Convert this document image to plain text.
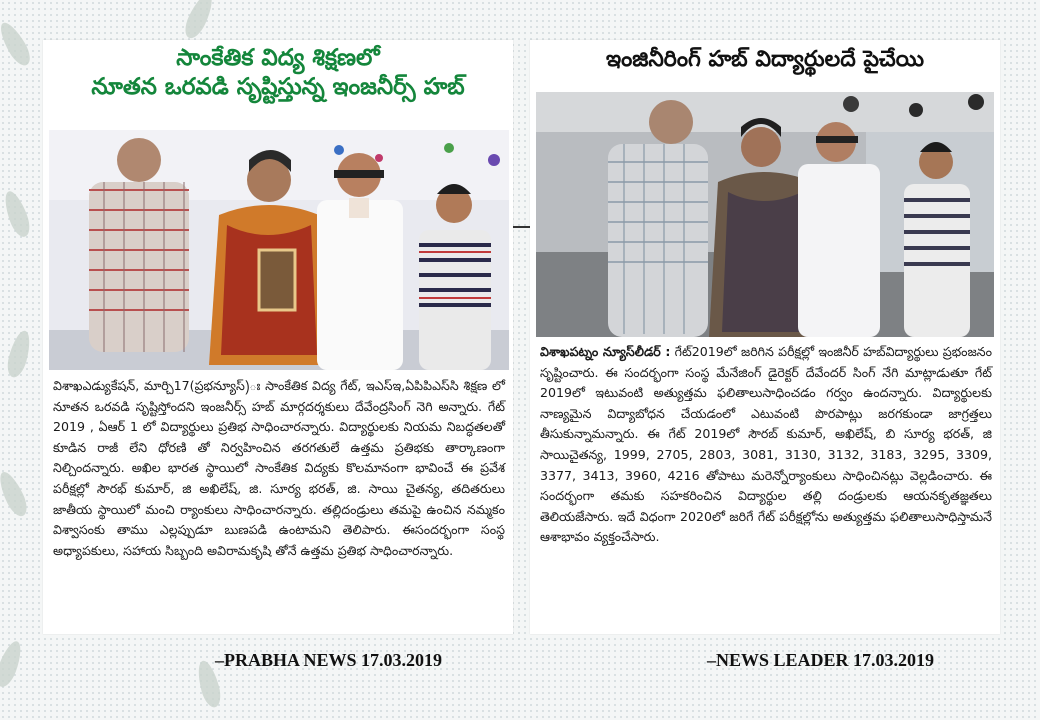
సాంకేతిక విద్య శిక్షణలో
నూతన ఒరవడి సృష్టిస్తున్న ఇంజనీర్స్ హబ్
విశాఖఎడ్యుకేషన్, మార్చి17(ప్రభన్యూస్)ః సాంకేతిక విద్య గేట్, ఇఎస్ఇ,ఏపిపిఎస్‌సి శిక్షణ లో నూతన ఒరవడి సృష్టిస్తోందని ఇంజనీర్స్ హబ్ మార్గదర్శకులు దేవేంద్రసింగ్ నెగి అన్నారు. గేట్ 2019 , ఏఆర్ 1 లో విద్యార్థులు ప్రతిభ సాధించారన్నారు. విద్యార్థులకు నియమ నిబద్ధతలతో కూడిన రాజీ లేని ధోరణి తో నిర్వహించిన తరగతులే ఉత్తమ ప్రతిభకు తార్కాణంగా నిల్చిందన్నారు. అఖిల భారత స్థాయిలో సాంకేతిక విద్యకు కొలమానంగా భావించే ఈ ప్రవేశ పరీక్షల్లో సౌరభ్ కుమార్, జి అఖిలేష్, జి. సూర్య భరత్, జి. సాయి చైతన్య, తదితరులు జాతీయ స్థాయిలో మంచి ర్యాంకులు సాధించారన్నారు. తల్లిదండ్రులు తమపై ఉంచిన నమ్మకం విశ్వాసంకు తాము ఎల్లప్పుడూ బుణపడి ఉంటామని తెలిపారు. ఈసందర్భంగా సంస్థ అధ్యాపకులు, సహాయ సిబ్బంది అవిరామకృషి తోనే ఉత్తమ ప్రతిభ సాధించారన్నారు.
ఇంజినీరింగ్ హబ్ విద్యార్థులదే పైచేయి
విశాఖపట్నం న్యూస్‌లీడర్ : గేట్2019లో జరిగిన పరీక్షల్లో ఇంజినీర్ హబ్‌విద్యార్థులు ప్రభంజనం సృష్టించారు. ఈ సందర్భంగా సంస్థ మేనేజింగ్ డైరెక్టర్ దేవేందర్ సింగ్ నేగి మాట్లాడుతూ గేట్ 2019లో ఇటువంటి అత్యుత్తమ ఫలితాలుసాధించడం గర్వం ఉందన్నారు. విద్యార్థులకు నాణ్యమైన విద్యాబోధన చేయడంలో ఎటువంటి పొరపాట్లు జరగకుండా జాగ్రత్తలు తీసుకున్నామన్నారు. ఈ గేట్ 2019లో సౌరబ్ కుమార్, అఖిలేష్, బి సూర్య భరత్, జి సాయిచైతన్య, 1999, 2705, 2803, 3081, 3130, 3132, 3183, 3295, 3309, 3377, 3413, 3960, 4216 తోపాటు మరెన్నోర్యాంకులు సాధించినట్లు వెల్లడించారు. ఈ సందర్భంగా తమకు సహకరించిన విద్యార్థుల తల్లి దండ్రులకు ఆయనకృతజ్ఞతలు తెలియజేసారు. ఇదే విధంగా 2020లో జరిగే గేట్ పరీక్షల్లోను అత్యుత్తమ ఫలితాలుసాధిస్తామనే ఆశాభావం వ్యక్తంచేసారు.
–PRABHA NEWS 17.03.2019	–NEWS LEADER 17.03.2019
